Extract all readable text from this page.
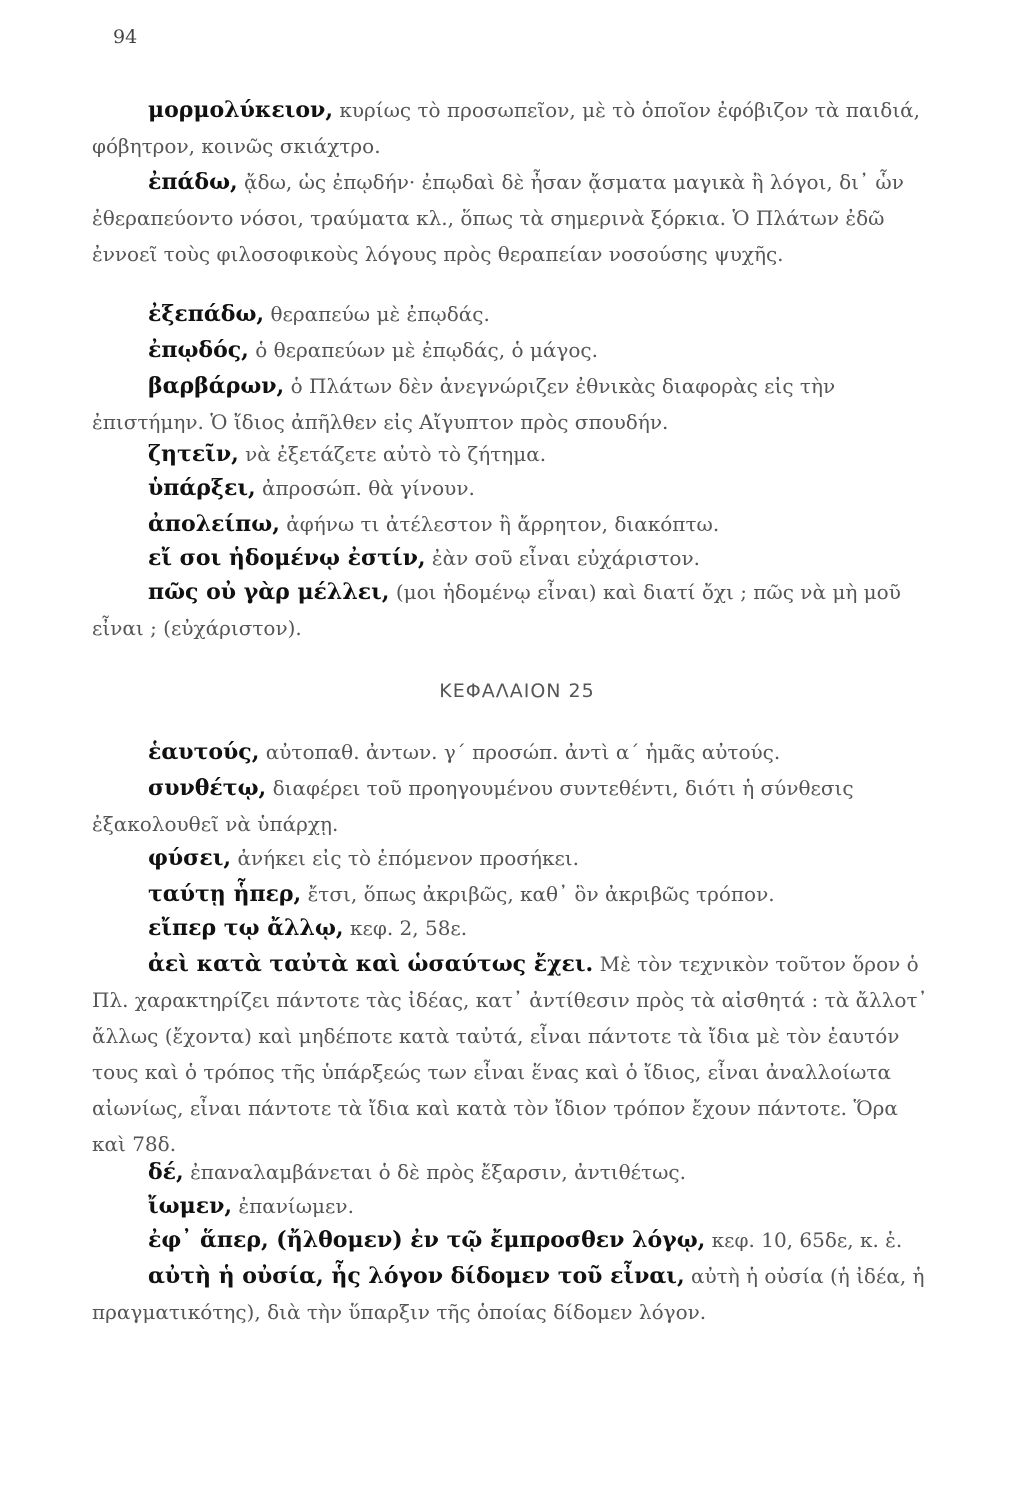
94
μορμολύκειον, κυρίως τὸ προσωπεῖον, μὲ τὸ ὁποῖον ἐφόβιζον τὰ παιδιά, φόβητρον, κοινῶς σκιάχτρο.
ἐπάδω, ᾄδω, ὡς ἐπῳδήν· ἐπῳδαὶ δὲ ἦσαν ᾄσματα μαγικὰ ἢ λόγοι, δι᾽ ὧν ἐθεραπεύοντο νόσοι, τραύματα κλ., ὅπως τὰ σημερινὰ ξόρκια. Ὁ Πλάτων ἐδῶ ἐννοεῖ τοὺς φιλοσοφικοὺς λόγους πρὸς θεραπείαν νοσούσης ψυχῆς.
ἐξεπάδω, θεραπεύω μὲ ἐπῳδάς.
ἐπῳδός, ὁ θεραπεύων μὲ ἐπῳδάς, ὁ μάγος.
βαρβάρων, ὁ Πλάτων δὲν ἀνεγνώριζεν ἐθνικὰς διαφορὰς εἰς τὴν ἐπιστήμην. Ὁ ἴδιος ἀπῆλθεν εἰς Αἴγυπτον πρὸς σπουδήν.
ζητεῖν, νὰ ἐξετάζετε αὐτὸ τὸ ζήτημα.
ὑπάρξει, ἀπροσώπ. θὰ γίνουν.
ἀπολείπω, ἀφήνω τι ἀτέλεστον ἢ ἄρρητον, διακόπτω.
εἴ σοι ἡδομένῳ ἐστίν, ἐὰν σοῦ εἶναι εὐχάριστον.
πῶς οὐ γὰρ μέλλει, (μοι ἡδομένῳ εἶναι) καὶ διατί ὄχι ; πῶς νὰ μὴ μοῦ εἶναι ; (εὐχάριστον).
ΚΕΦΑΛΑΙΟΝ 25
ἑαυτούς, αὐτοπαθ. ἀντων. γ΄ προσώπ. ἀντὶ α΄ ἡμᾶς αὐτούς.
συνθέτῳ, διαφέρει τοῦ προηγουμένου συντεθέντι, διότι ἡ σύνθεσις ἐξακολουθεῖ νὰ ὑπάρχῃ.
φύσει, ἀνήκει εἰς τὸ ἑπόμενον προσήκει.
ταύτῃ ἧπερ, ἔτσι, ὅπως ἀκριβῶς, καθ᾽ ὃν ἀκριβῶς τρόπον.
εἴπερ τῳ ἄλλῳ, κεφ. 2, 58ε.
ἀεὶ κατὰ ταὐτὰ καὶ ὡσαύτως ἔχει. Μὲ τὸν τεχνικὸν τοῦτον ὅρον ὁ Πλ. χαρακτηρίζει πάντοτε τὰς ἰδέας, κατ᾽ ἀντίθεσιν πρὸς τὰ αἰσθητά : τὰ ἄλλοτ᾽ ἄλλως (ἔχοντα) καὶ μηδέποτε κατὰ ταὐτά, εἶναι πάντοτε τὰ ἴδια μὲ τὸν ἑαυτόν τους καὶ ὁ τρόπος τῆς ὑπάρξεώς των εἶναι ἕνας καὶ ὁ ἴδιος, εἶναι ἀναλλοίωτα αἰωνίως, εἶναι πάντοτε τὰ ἴδια καὶ κατὰ τὸν ἴδιον τρόπον ἔχουν πάντοτε. Ὅρα καὶ 78δ.
δέ, ἐπαναλαμβάνεται ὁ δὲ πρὸς ἔξαρσιν, ἀντιθέτως.
ἴωμεν, ἐπανίωμεν.
ἐφ᾽ ἅπερ, (ἤλθομεν) ἐν τῷ ἔμπροσθεν λόγῳ, κεφ. 10, 65δε, κ. ἑ.
αὐτὴ ἡ οὐσία, ἧς λόγον δίδομεν τοῦ εἶναι, αὐτὴ ἡ οὐσία (ἡ ἰδέα, ἡ πραγματικότης), διὰ τὴν ὕπαρξιν τῆς ὁποίας δίδομεν λόγον.
